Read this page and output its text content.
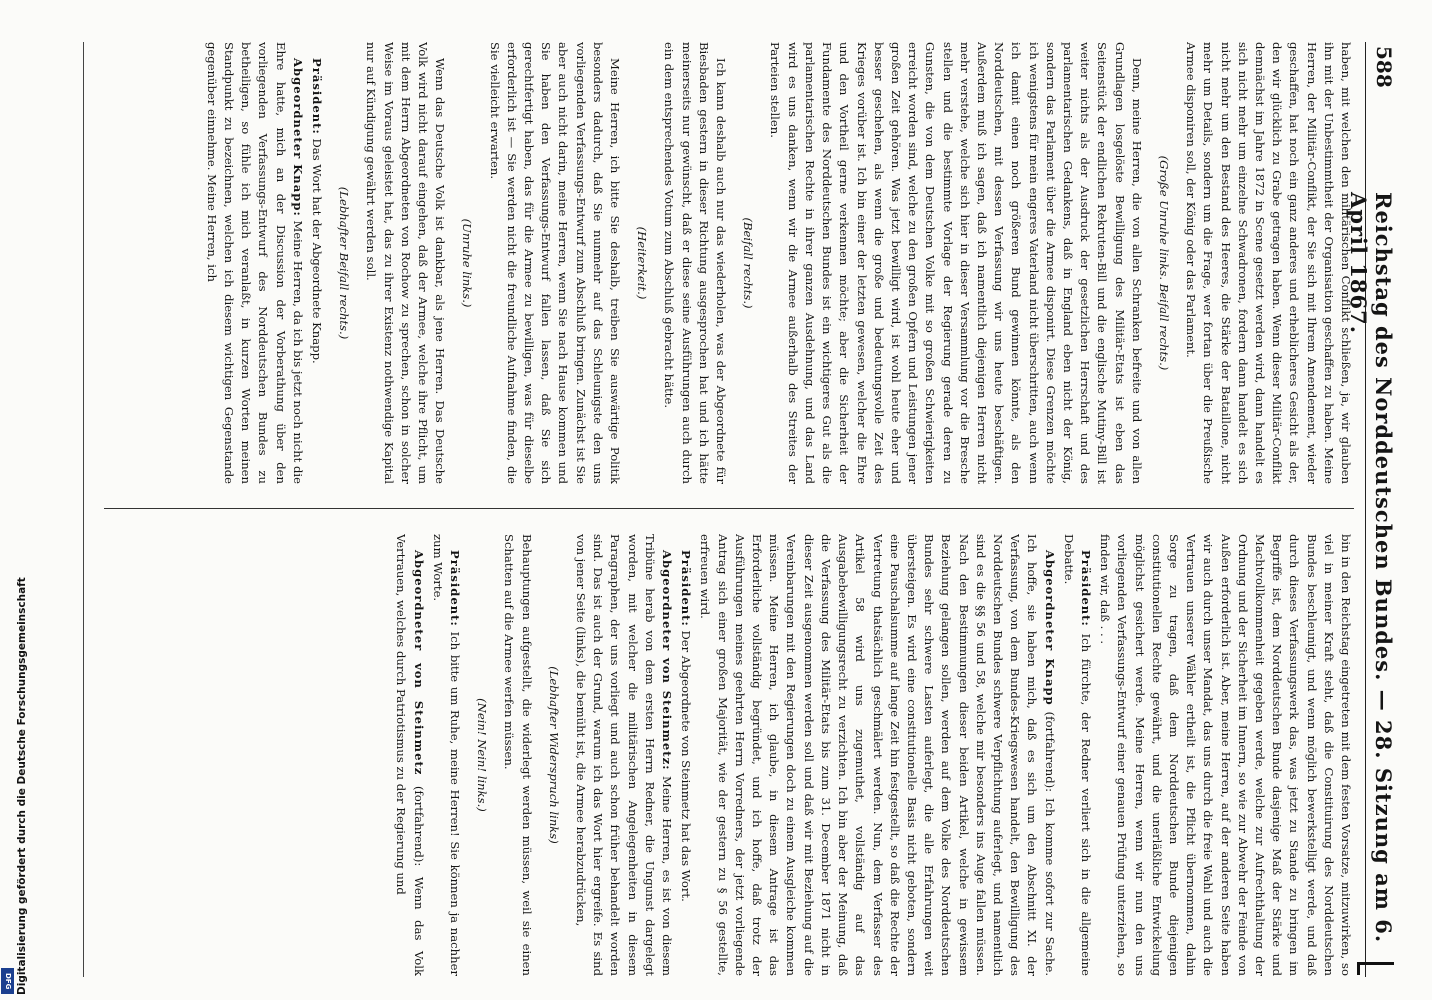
588
Reichstag des Norddeutschen Bundes. — 28. Sitzung am 6. April 1867.

haben, mit welchen den militärischen Conflikt schließen, ja, wir glauben ihn mit der Unbestimmtheit der Organisation geschaffen zu haben. Meine Herren, der Militär-Conflikt, der Sie sich mit Ihrem Amendement, wieder geschaffen, hat noch ein ganz anderes und erheblicheres Gesicht als der, den wir glücklich zu Grabe getragen haben. Wenn dieser Militär-Conflikt demnächst im Jahre 1872 in Scene gesetzt werden wird, dann handelt es sich nicht mehr um einzelne Schwadronen, fordern dann handelt es sich nicht mehr um den Bestand des Heeres, die Stärke der Bataillone, nicht mehr um Details, sondern um die Frage, wer fortan über die Preußische Armee disponiren soll, der König oder das Parlament.

(Große Unruhe links. Beifall rechts.)

Denn, meine Herren, die von allen Schranken befreite und von allen Grundlagen losgelöste Bewilligung des Militär-Etats ist eben das Seitenstück der endlichen Rekruten-Bill und die englische Mutiny-Bill ist weiter nichts als der Ausdruck der gesetzlichen Herrschaft und des parlamentarischen Gedankens, daß in England eben nicht der König, sondern das Parlament über die Armee disponirt. Diese Grenzen möchte ich wenigstens für mein engeres Vaterland nicht überschritten, auch wenn ich damit einen noch größeren Bund gewinnen könnte, als den Norddeutschen, mit dessen Verfassung wir uns heute beschäftigen. Außerdem muß ich sagen, daß ich namentlich diejenigen Herren nicht mehr verstehe, welche sich hier in dieser Versammlung vor die Bresche stellen und die bestimmte Vorlage der Regierung gerade deren zu Gunsten, die von dem Deutschen Volke mit so großen Schwierigkeiten erreicht worden sind, welche zu den großen Opfern und Leistungen jener großen Zeit gehören. Was jetzt bewilligt wird, ist wohl heute eher und besser geschehen, als wenn die große und bedeutungsvolle Zeit des Krieges vorüber ist. Ich bin einer der letzten gewesen, welcher die Ehre und den Vortheil gerne verkennen möchte; aber die Sicherheit der Fundamente des Norddeutschen Bundes ist ein wichtigeres Gut als die parlamentarischen Rechte in ihrer ganzen Ausdehnung, und das Land wird es uns danken, wenn wir die Armee außerhalb des Streites der Parteien stellen.

(Beifall rechts.)

Ich kann deshalb auch nur das wiederholen, was der Abgeordnete für Biesbaden gestern in dieser Richtung ausgesprochen hat und ich hätte meinerseits nur gewünscht, daß er diese seine Ausführungen auch durch ein dem entsprechendes Votum zum Abschluß gebracht hätte.

(Heiterkeit.)

Meine Herren, ich bitte Sie deshalb, treiben Sie auswärtige Politik besonders dadurch, daß Sie nunmehr auf das Schleunigste den uns vorliegenden Verfassungs-Entwurf zum Abschluß bringen. Zunächst ist Sie aber auch nicht darin, meine Herren, wenn Sie nach Hause kommen und Sie haben den Verfassungs-Entwurf fallen lassen, daß Sie sich gerechtfertigt haben, das für die Armee zu bewilligen, was für dieselbe erforderlich ist — Sie werden nicht die freundliche Aufnahme finden, die Sie vielleicht erwarten.

(Unruhe links.)

Wenn das Deutsche Volk ist dankbar, als jene Herren. Das Deutsche Volk wird nicht darauf eingehen, daß der Armee, welche ihre Pflicht, um mit dem Herrn Abgeordneten von Rochow zu sprechen, schon in solcher Weise im Voraus geleistet hat, das zu ihrer Existenz nothwendige Kapital nur auf Kündigung gewährt werden soll.

(Lebhafter Beifall rechts.)

Präsident: Das Wort hat der Abgeordnete Knapp.

Abgeordneter Knapp: Meine Herren, da ich bis jetzt noch nicht die Ehre hatte, mich an der Discussion der Vorberathung über den vorliegenden Verfassungs-Entwurf des Norddeutschen Bundes zu betheiligen, so fühle ich mich veranlaßt, in kurzen Worten meinen Standpunkt zu bezeichnen, welchen ich diesem wichtigen Gegenstande gegenüber einnehme. Meine Herren, ich

bin in den Reichstag eingetreten mit dem festen Vorsatze, mitzuwirken, so viel in meiner Kraft steht, daß die Constituirung des Norddeutschen Bundes beschleunigt, und wenn möglich bewerkstelligt werde, und daß durch dieses Verfassungswerk das, was jetzt zu Stande zu bringen im Begriffe ist, dem Norddeutschen Bunde dasjenige Maß der Stärke und Machtvollkommenheit gegeben werde, welche zur Aufrechthaltung der Ordnung und der Sicherheit im Innern, so wie zur Abwehr der Feinde von Außen erforderlich ist. Aber, meine Herren, auf der anderen Seite haben wir auch durch unser Mandat, das uns durch die freie Wahl und auch die Vertrauen unserer Wähler ertheilt ist, die Pflicht übernommen, dahin Sorge zu tragen, daß dem Norddeutschen Bunde diejenigen constitutionellen Rechte gewährt, und die unerläßliche Entwickelung möglichst gesichert werde. Meine Herren, wenn wir nun den uns vorliegenden Verfassungs-Entwurf einer genauen Prüfung unterziehen, so finden wir, daß . . .

Präsident: Ich fürchte, der Redner verliert sich in die allgemeine Debatte.

Abgeordneter Knapp (fortfahrend): Ich komme sofort zur Sache. Ich hoffe, sie haben mich, daß es sich um den Abschnitt XI. der Verfassung, von dem Bundes-Kriegswesen handelt, den Bewilligung des Norddeutschen Bundes schwere Verpflichtung auferlegt, und namentlich sind es die §§ 56 und 58, welche mir besonders ins Auge fallen müssen. Nach den Bestimmungen dieser beiden Artikel, welche in gewissem Beziehung gelangen sollen, werden auf dem Volke des Norddeutschen Bundes sehr schwere Lasten auferlegt, die alle Erfahrungen weit übersteigen. Es wird eine constitutionelle Basis nicht geboten, sondern eine Pauschalsumme auf lange Zeit hin festgestellt, so daß die Rechte der Vertretung thatsächlich geschmälert werden. Nun, dem Verfasser des Artikel 58 wird uns zugemuthet, vollständig auf das Ausgabebewilligungsrecht zu verzichten. Ich bin aber der Meinung, daß die Verfassung des Militär-Etats bis zum 31. December 1871 nicht in dieser Zeit ausgenommen werden soll und daß wir mit Beziehung auf die Vereinbarungen mit den Regierungen doch zu einem Ausgleiche kommen müssen. Meine Herren, ich glaube, in diesem Antrage ist das Erforderliche vollständig begründet, und ich hoffe, daß trotz der Ausführungen meines geehrten Herrn Vorredners, der jetzt vorliegende Antrag sich einer großen Majorität, wie der gestern zu § 56 gestellte, erfreuen wird.

Präsident: Der Abgeordnete von Steinmetz hat das Wort.

Abgeordneter von Steinmetz: Meine Herren, es ist von diesem Tribüne herab von dem ersten Herrn Redner, die Ungunst dargelegt worden, mit welcher die militärischen Angelegenheiten in diesem Paragraphen, der uns vorliegt und auch schon früher behandelt worden sind. Das ist auch der Grund, warum ich das Wort hier ergreife. Es sind von jener Seite (links), die bemüht ist, die Armee herabzudrücken,

(Lebhafter Widerspruch links)

Behauptungen aufgestellt, die widerlegt werden müssen, weil sie einen Schatten auf die Armee werfen müssen.

(Nein! Nein! links.)

Präsident: Ich bitte um Ruhe, meine Herren! Sie können ja nachher zum Worte.

Abgeordneter von Steinmetz (fortfahrend): Wenn das Volk Vertrauen, welches durch Patriotismus zu der Regierung und

Digitalisierung gefördert durch die Deutsche Forschungsgemeinschaft
DFG
